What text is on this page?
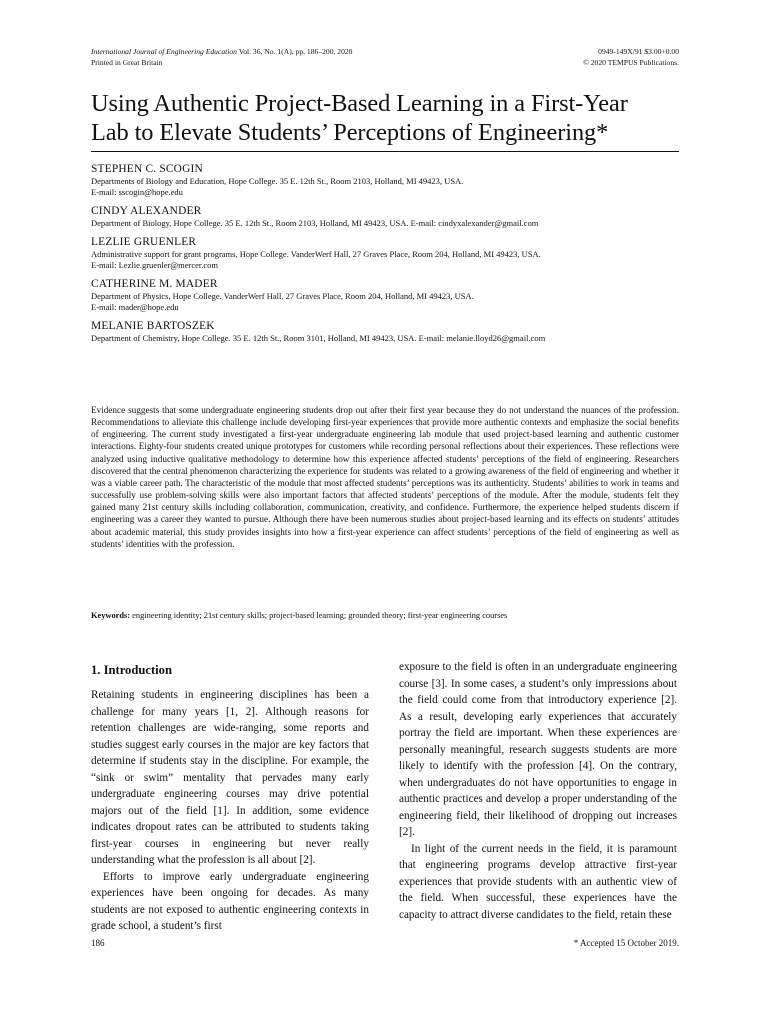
International Journal of Engineering Education Vol. 36, No. 1(A), pp. 186–200, 2020
Printed in Great Britain
0949-149X/91 $3.00+0.00
© 2020 TEMPUS Publications.
Using Authentic Project-Based Learning in a First-Year
Lab to Elevate Students’ Perceptions of Engineering*
STEPHEN C. SCOGIN
Departments of Biology and Education, Hope College. 35 E. 12th St., Room 2103, Holland, MI 49423, USA.
E-mail: sscogin@hope.edu
CINDY ALEXANDER
Department of Biology, Hope College. 35 E. 12th St., Room 2103, Holland, MI 49423, USA. E-mail: cindyxalexander@gmail.com
LEZLIE GRUENLER
Administrative support for grant programs, Hope College. VanderWerf Hall, 27 Graves Place, Room 204, Holland, MI 49423, USA.
E-mail: Lezlie.gruenler@mercer.com
CATHERINE M. MADER
Department of Physics, Hope College. VanderWerf Hall, 27 Graves Place, Room 204, Holland, MI 49423, USA.
E-mail: mader@hope.edu
MELANIE BARTOSZEK
Department of Chemistry, Hope College. 35 E. 12th St., Room 3101, Holland, MI 49423, USA. E-mail: melanie.lloyd26@gmail.com

Evidence suggests that some undergraduate engineering students drop out after their first year because they do not understand the nuances of the profession. Recommendations to alleviate this challenge include developing first-year experiences that provide more authentic contexts and emphasize the social benefits of engineering. The current study investigated a first-year undergraduate engineering lab module that used project-based learning and authentic customer interactions. Eighty-four students created unique prototypes for customers while recording personal reflections about their experiences. These reflections were analyzed using inductive qualitative methodology to determine how this experience affected students’ perceptions of the field of engineering. Researchers discovered that the central phenomenon characterizing the experience for students was related to a growing awareness of the field of engineering and whether it was a viable career path. The characteristic of the module that most affected students’ perceptions was its authenticity. Students’ abilities to work in teams and successfully use problem-solving skills were also important factors that affected students’ perceptions of the module. After the module, students felt they gained many 21st century skills including collaboration, communication, creativity, and confidence. Furthermore, the experience helped students discern if engineering was a career they wanted to pursue. Although there have been numerous studies about project-based learning and its effects on students’ attitudes about academic material, this study provides insights into how a first-year experience can affect students’ perceptions of the field of engineering as well as students’ identities with the profession.

Keywords: engineering identity; 21st century skills; project-based learning; grounded theory; first-year engineering courses
1. Introduction

Retaining students in engineering disciplines has been a challenge for many years [1, 2]. Although reasons for retention challenges are wide-ranging, some reports and studies suggest early courses in the major are key factors that determine if students stay in the discipline. For example, the “sink or swim” mentality that pervades many early undergraduate engineering courses may drive potential majors out of the field [1]. In addition, some evidence indicates dropout rates can be attributed to students taking first-year courses in engineering but never really understanding what the profession is all about [2].

Efforts to improve early undergraduate engineering experiences have been ongoing for decades. As many students are not exposed to authentic engineering contexts in grade school, a student’s first

exposure to the field is often in an undergraduate engineering course [3]. In some cases, a student’s only impressions about the field could come from that introductory experience [2]. As a result, developing early experiences that accurately portray the field are important. When these experiences are personally meaningful, research suggests students are more likely to identify with the profession [4]. On the contrary, when undergraduates do not have opportunities to engage in authentic practices and develop a proper understanding of the engineering field, their likelihood of dropping out increases [2].

In light of the current needs in the field, it is paramount that engineering programs develop attractive first-year experiences that provide students with an authentic view of the field. When successful, these experiences have the capacity to attract diverse candidates to the field, retain these

186	* Accepted 15 October 2019.
